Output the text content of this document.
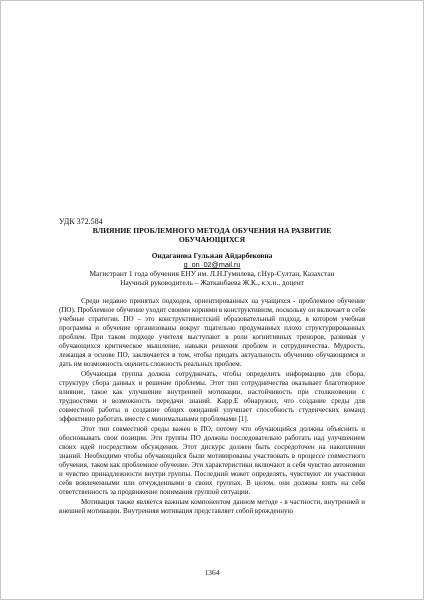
УДК 372.584
ВЛИЯНИЕ ПРОБЛЕМНОГО МЕТОДА ОБУЧЕНИЯ НА РАЗВИТИЕ
ОБУЧАЮЩИХСЯ
Ондаганова Гульжан Айдарбековна
g_on_02@mail.ru
Магистрант 1 года обучения ЕНУ им. Л.Н.Гумилева, г.Нур-Султан, Казахстан
Научный руководитель – Жатканбаева Ж.К., к.х.н., доцент

Среди недавно принятых подходов, ориентированных на учащихся - проблемное обучение (ПО). Проблемное обучение уходит своими корнями в конструктивизм, поскольку он включает в себя учебные стратегии. ПО – это конструктивистский образовательный подход, в котором учебная программа и обучение организованы вокруг тщательно продуманных плохо структурированных проблем. При таком подходе учителя выступают в роли когнитивных треноров, развивая у обучающихся критическое мышление, навыки решения проблем и сотрудничества. Мудрость, лежащая в основе ПО, заключается в том, чтобы придать актуальность обучению обучающимся и дать им возможность оценить сложность реальных проблем.

Обучающая группа должна сотрудничать, чтобы определить информацию для сбора, структуру сбора данных и решение проблемы. Этот тип сотрудничества оказывает благотворное влияние, такое как улучшение внутренней мотивации, настойчивость при столкновении с трудностями и возможность передачи знаний. Kapp.E обнаружил, что создание среды для совместной работы и создание общих ожиданий улучшает способность студенческих команд эффективно работать вместе с минимальными проблемами [1].

Этот тип совместной среды важен в ПО, потому что обучающийся должны объяснить и обосновывать свои позиции. Эти группы ПО должны последовательно работать над улучшением своих идей посредством обсуждения. Этот дискурс должен быть сосредоточен на накоплении знаний. Необходимо чтобы обучающийся были мотивированы участвовать в процессе совместного обучения, таком как проблемное обучение. Эти характеристики включают в себя чувство автономии и чувство принадлежности внутри группы. Последний может определять, чувствуют ли участники себя вовлеченными или отчужденными в своих группах. В целом, они должны взять на себя ответственность за продвижение понимания группой ситуации.

Мотивация также является важным компонентом данном методе - в частности, внутренней и внешней мотивации. Внутренняя мотивация представляет собой врожденную

1364
